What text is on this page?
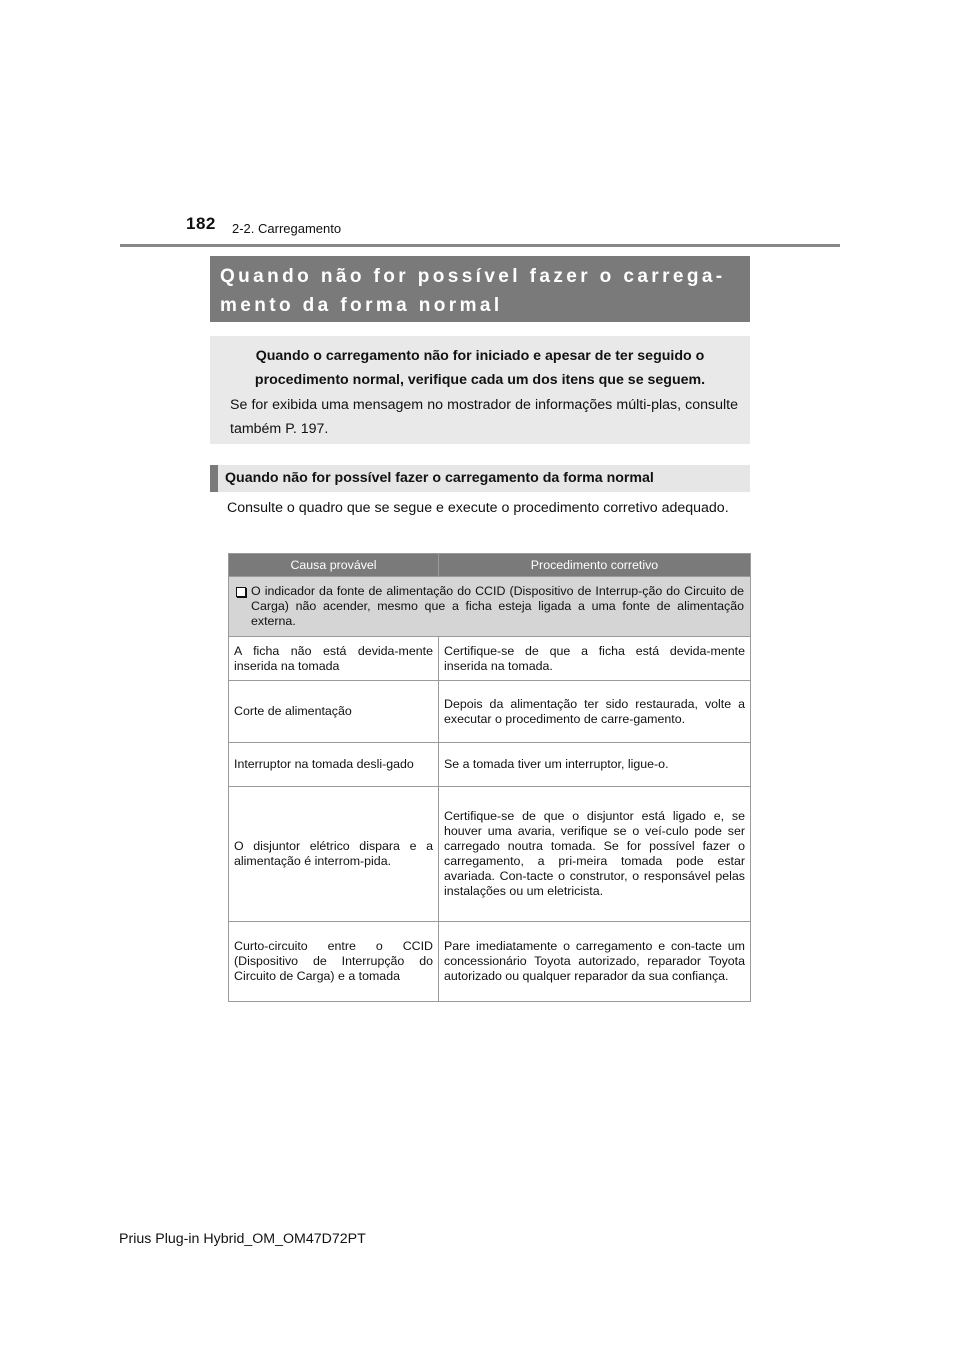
182 2-2. Carregamento
Quando não for possível fazer o carrega-
mento da forma normal
Quando o carregamento não for iniciado e apesar de ter seguido o procedimento normal, verifique cada um dos itens que se seguem.
Se for exibida uma mensagem no mostrador de informações múlti-plas, consulte também P. 197.
Quando não for possível fazer o carregamento da forma normal
Consulte o quadro que se segue e execute o procedimento corretivo adequado.
Causa provável	Procedimento corretivo

O indicador da fonte de alimentação do CCID (Dispositivo de Interrup-ção do Circuito de Carga) não acender, mesmo que a ficha esteja ligada a uma fonte de alimentação externa.	

A ficha não está devida-mente inserida na tomada	Certifique-se de que a ficha está devida-mente inserida na tomada.
Corte de alimentação	Depois da alimentação ter sido restaurada, volte a executar o procedimento de carre-gamento.
Interruptor na tomada desli-gado	Se a tomada tiver um interruptor, ligue-o.
O disjuntor elétrico dispara e a alimentação é interrom-pida.	Certifique-se de que o disjuntor está ligado e, se houver uma avaria, verifique se o veí-culo pode ser carregado noutra tomada. Se for possível fazer o carregamento, a pri-meira tomada pode estar avariada. Con-tacte o construtor, o responsável pelas instalações ou um eletricista.
Curto-circuito entre o CCID (Dispositivo de Interrupção do Circuito de Carga) e a tomada	Pare imediatamente o carregamento e con-tacte um concessionário Toyota autorizado, reparador Toyota autorizado ou qualquer reparador da sua confiança.
Prius Plug-in Hybrid_OM_OM47D72PT
